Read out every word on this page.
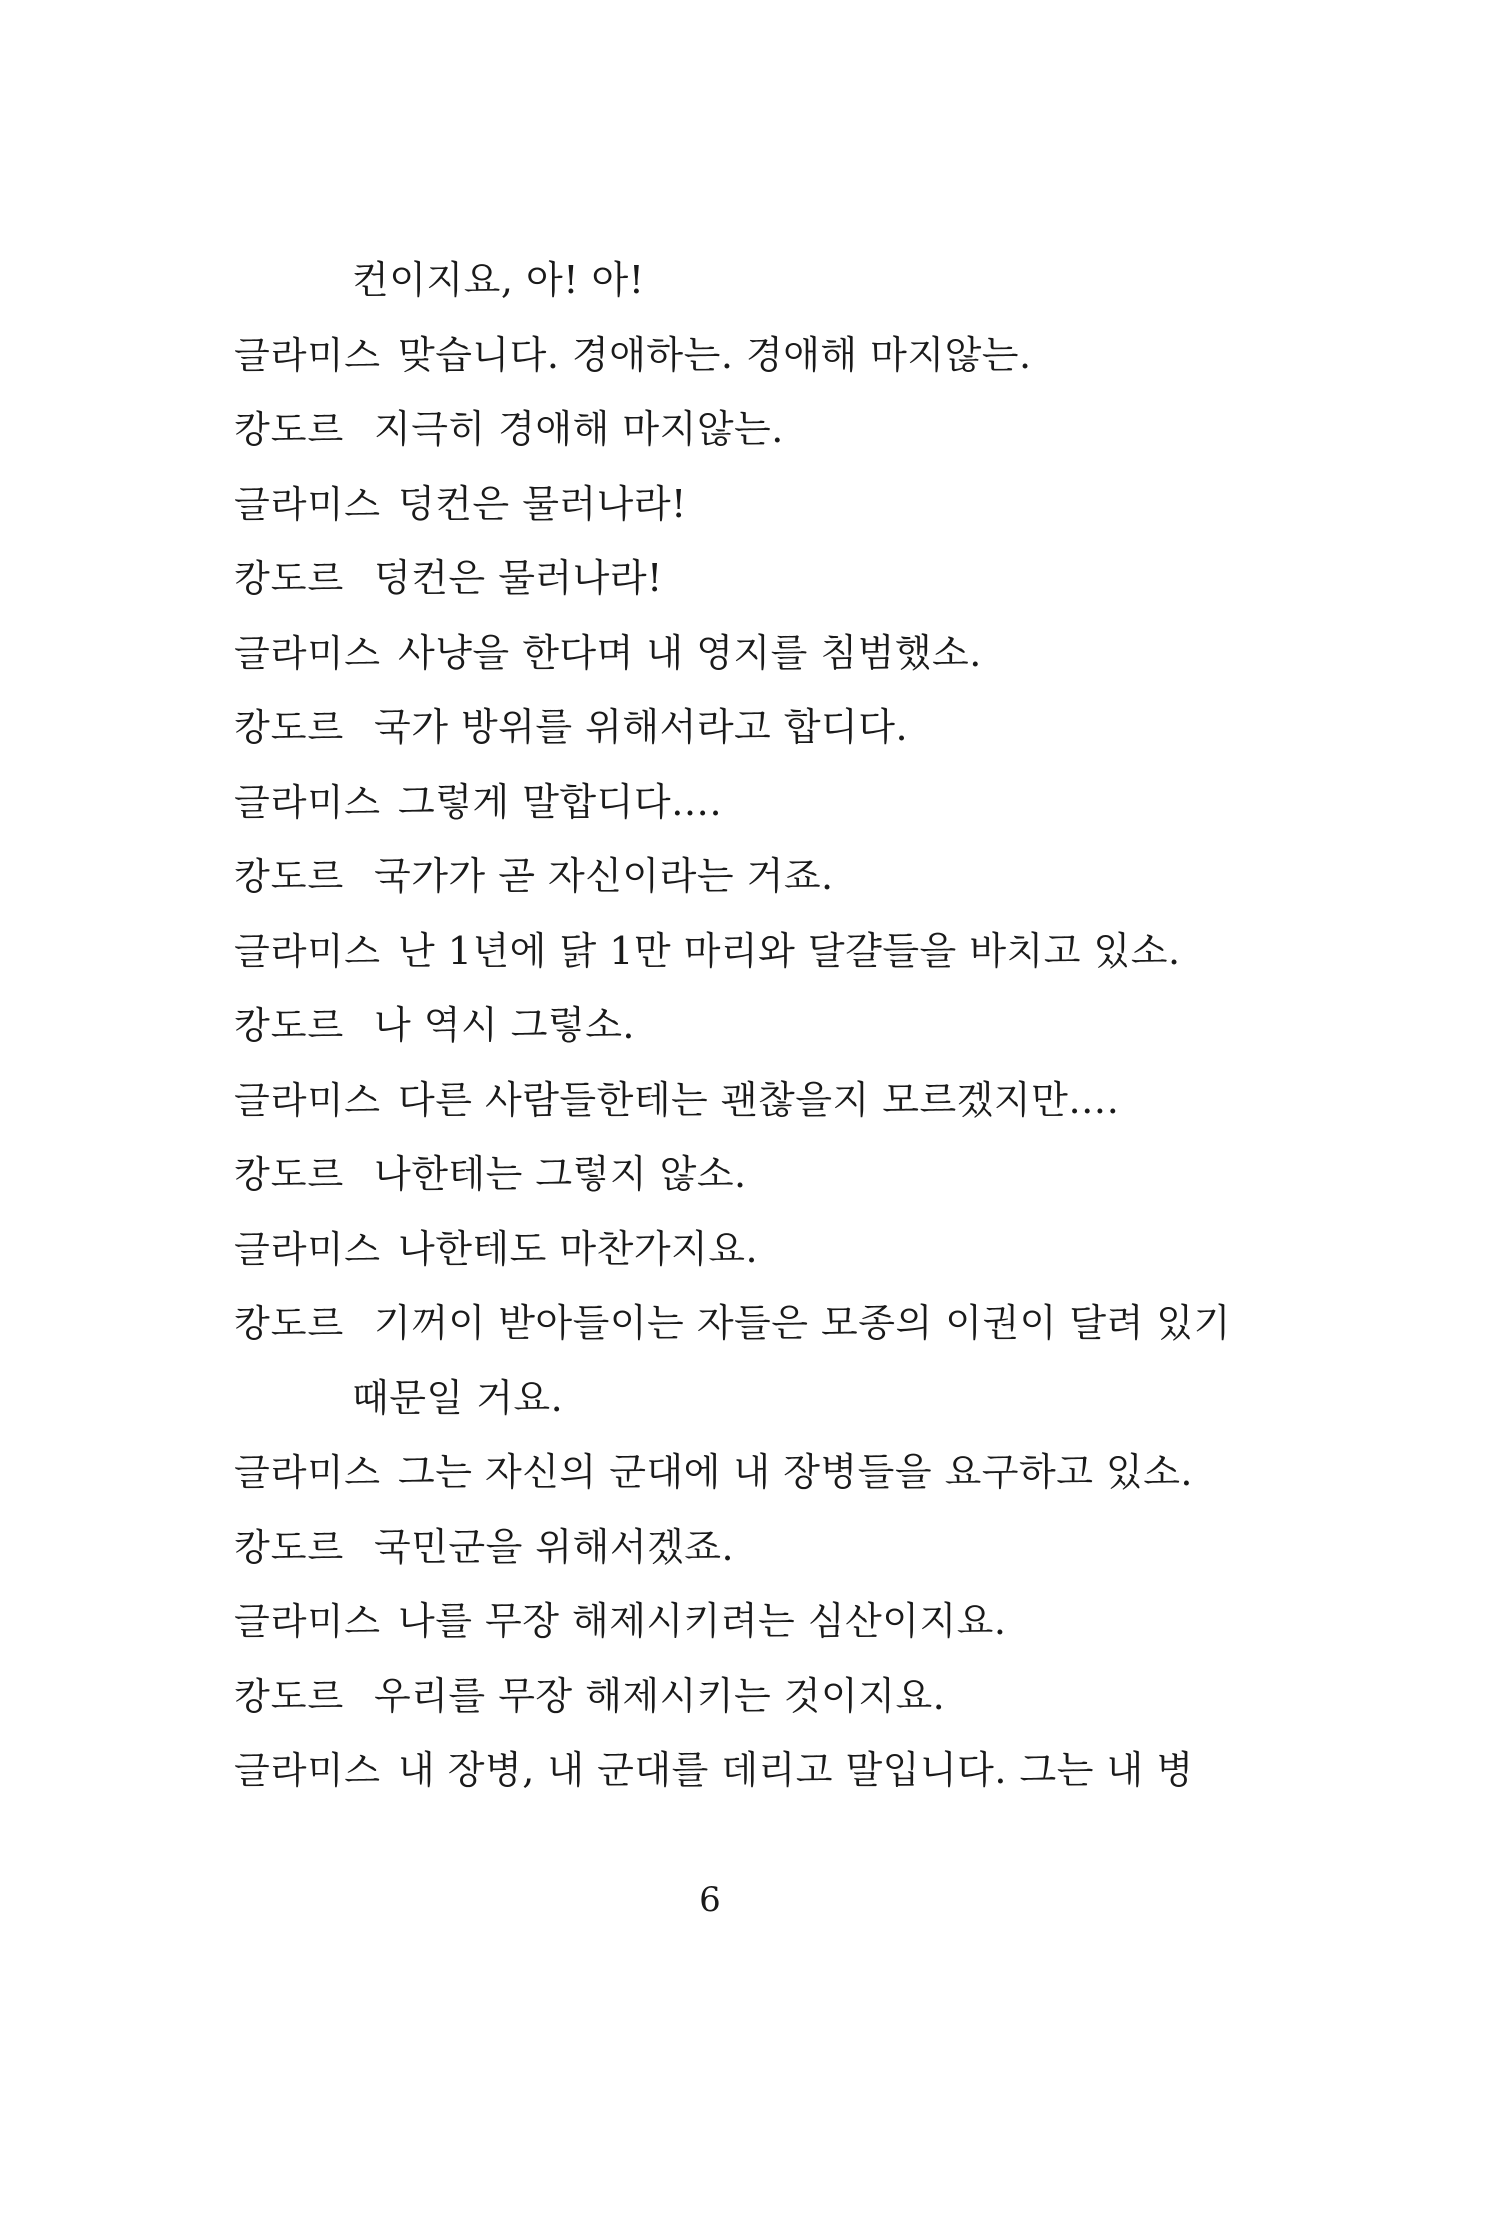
컨이지요, 아! 아!
글라미스 맞습니다. 경애하는. 경애해 마지않는.
캉도르 지극히 경애해 마지않는.
글라미스 덩컨은 물러나라!
캉도르 덩컨은 물러나라!
글라미스 사냥을 한다며 내 영지를 침범했소.
캉도르 국가 방위를 위해서라고 합디다.
글라미스 그렇게 말합디다….
캉도르 국가가 곧 자신이라는 거죠.
글라미스 난 1년에 닭 1만 마리와 달걀들을 바치고 있소.
캉도르 나 역시 그렇소.
글라미스 다른 사람들한테는 괜찮을지 모르겠지만….
캉도르 나한테는 그렇지 않소.
글라미스 나한테도 마찬가지요.
캉도르 기꺼이 받아들이는 자들은 모종의 이권이 달려 있기
때문일 거요.
글라미스 그는 자신의 군대에 내 장병들을 요구하고 있소.
캉도르 국민군을 위해서겠죠.
글라미스 나를 무장 해제시키려는 심산이지요.
캉도르 우리를 무장 해제시키는 것이지요.
글라미스 내 장병, 내 군대를 데리고 말입니다. 그는 내 병
6
